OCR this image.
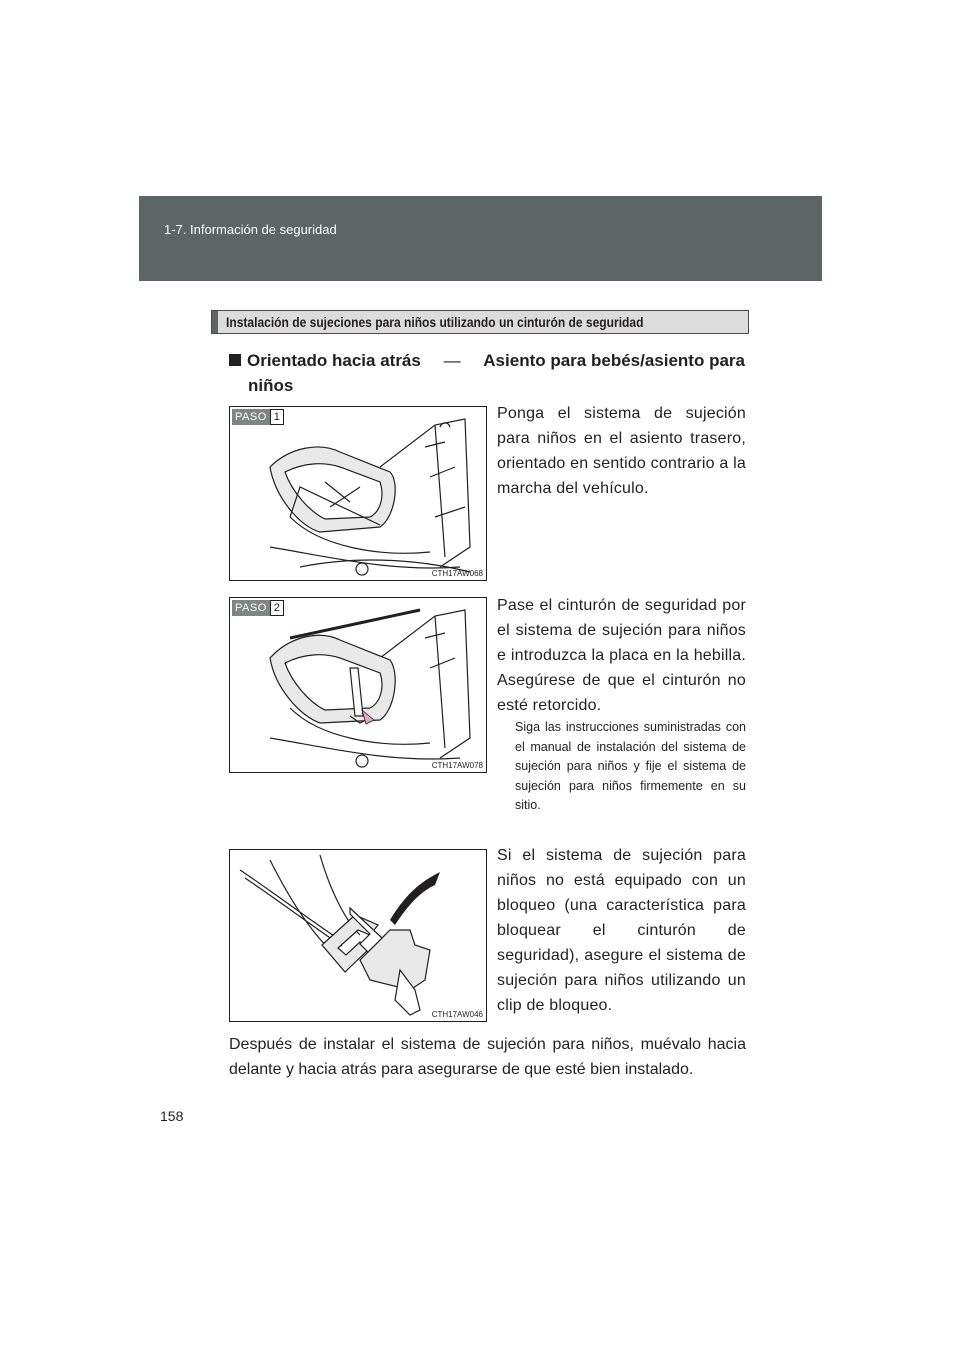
1-7. Información de seguridad
Instalación de sujeciones para niños utilizando un cinturón de seguridad
Orientado hacia atrás — Asiento para bebés/asiento para
niños
PASO 1
CTH17AW068
Ponga el sistema de sujeción para niños en el asiento trasero, orientado en sentido contrario a la marcha del vehículo.
PASO 2
CTH17AW078
Pase el cinturón de seguridad por el sistema de sujeción para niños e introduzca la placa en la hebilla. Asegúrese de que el cinturón no esté retorcido.
Siga las instrucciones suministradas con el manual de instalación del sistema de sujeción para niños y fije el sistema de sujeción para niños firmemente en su sitio.
CTH17AW046
Si el sistema de sujeción para niños no está equipado con un bloqueo (una característica para bloquear el cinturón de seguridad), asegure el sistema de sujeción para niños utilizando un clip de bloqueo.
Después de instalar el sistema de sujeción para niños, muévalo hacia delante y hacia atrás para asegurarse de que esté bien instalado.
158
